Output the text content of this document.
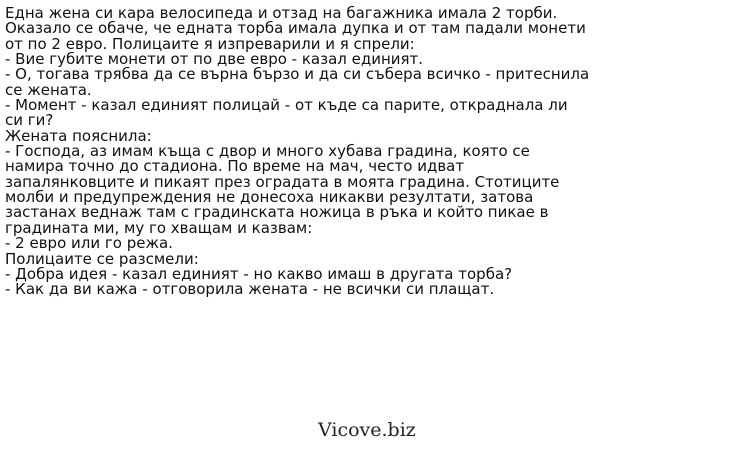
Една жена си кара велосипеда и отзад на багажника имала 2 торби.
Оказало се обаче, че едната торба имала дупка и от там падали монети
от по 2 евро. Полицаите я изпреварили и я спрели:
- Вие губите монети от по две евро - казал единият.
- О, тогава трябва да се върна бързо и да си събера всичко - притеснила
се жената.
- Момент - казал единият полицай - от къде са парите, откраднала ли
си ги?
Жената пояснила:
- Господа, аз имам къща с двор и много хубава градина, която се
намира точно до стадиона. По време на мач, често идват
запалянковците и пикаят през оградата в моята градина. Стотиците
молби и предупреждения не донесоха никакви резултати, затова
застанах веднаж там с градинската ножица в ръка и който пикае в
градината ми, му го хващам и казвам:
- 2 евро или го режа.
Полицаите се разсмели:
- Добра идея - казал единият - но какво имаш в другата торба?
- Как да ви кажа - отговорила жената - не всички си плащат.
Vicove.biz
